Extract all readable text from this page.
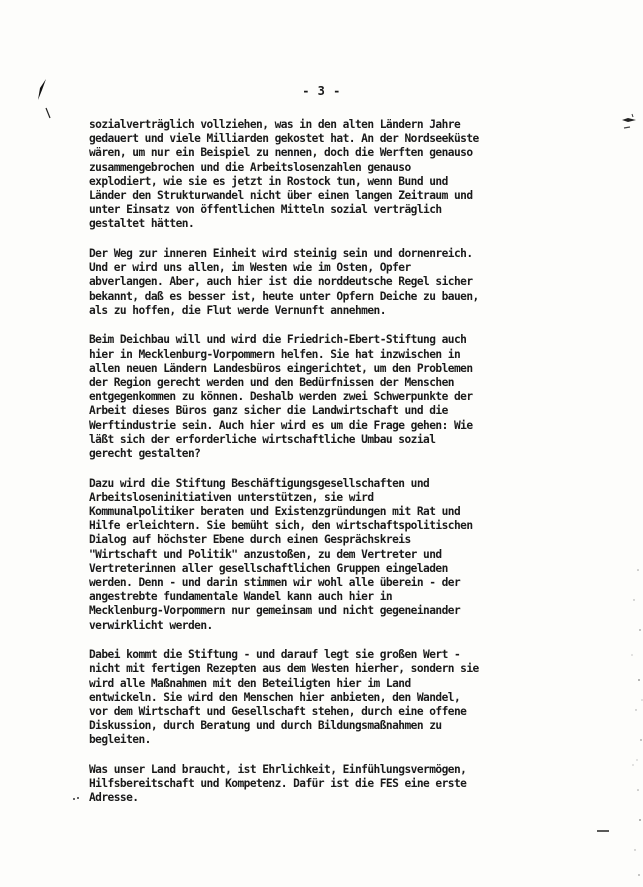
- 3 -
sozialverträglich vollziehen, was in den alten Ländern Jahre
gedauert und viele Milliarden gekostet hat. An der Nordseeküste
wären, um nur ein Beispiel zu nennen, doch die Werften genauso
zusammengebrochen und die Arbeitslosenzahlen genauso
explodiert, wie sie es jetzt in Rostock tun, wenn Bund und
Länder den Strukturwandel nicht über einen langen Zeitraum und
unter Einsatz von öffentlichen Mitteln sozial verträglich
gestaltet hätten.
Der Weg zur inneren Einheit wird steinig sein und dornenreich.
Und er wird uns allen, im Westen wie im Osten, Opfer
abverlangen. Aber, auch hier ist die norddeutsche Regel sicher
bekannt, daß es besser ist, heute unter Opfern Deiche zu bauen,
als zu hoffen, die Flut werde Vernunft annehmen.
Beim Deichbau will und wird die Friedrich-Ebert-Stiftung auch
hier in Mecklenburg-Vorpommern helfen. Sie hat inzwischen in
allen neuen Ländern Landesbüros eingerichtet, um den Problemen
der Region gerecht werden und den Bedürfnissen der Menschen
entgegenkommen zu können. Deshalb werden zwei Schwerpunkte der
Arbeit dieses Büros ganz sicher die Landwirtschaft und die
Werftindustrie sein. Auch hier wird es um die Frage gehen: Wie
läßt sich der erforderliche wirtschaftliche Umbau sozial
gerecht gestalten?
Dazu wird die Stiftung Beschäftigungsgesellschaften und
Arbeitsloseninitiativen unterstützen, sie wird
Kommunalpolitiker beraten und Existenzgründungen mit Rat und
Hilfe erleichtern. Sie bemüht sich, den wirtschaftspolitischen
Dialog auf höchster Ebene durch einen Gesprächskreis
"Wirtschaft und Politik" anzustoßen, zu dem Vertreter und
Vertreterinnen aller gesellschaftlichen Gruppen eingeladen
werden. Denn - und darin stimmen wir wohl alle überein - der
angestrebte fundamentale Wandel kann auch hier in
Mecklenburg-Vorpommern nur gemeinsam und nicht gegeneinander
verwirklicht werden.
Dabei kommt die Stiftung - und darauf legt sie großen Wert -
nicht mit fertigen Rezepten aus dem Westen hierher, sondern sie
wird alle Maßnahmen mit den Beteiligten hier im Land
entwickeln. Sie wird den Menschen hier anbieten, den Wandel,
vor dem Wirtschaft und Gesellschaft stehen, durch eine offene
Diskussion, durch Beratung und durch Bildungsmaßnahmen zu
begleiten.
Was unser Land braucht, ist Ehrlichkeit, Einfühlungsvermögen,
Hilfsbereitschaft und Kompetenz. Dafür ist die FES eine erste
Adresse.
